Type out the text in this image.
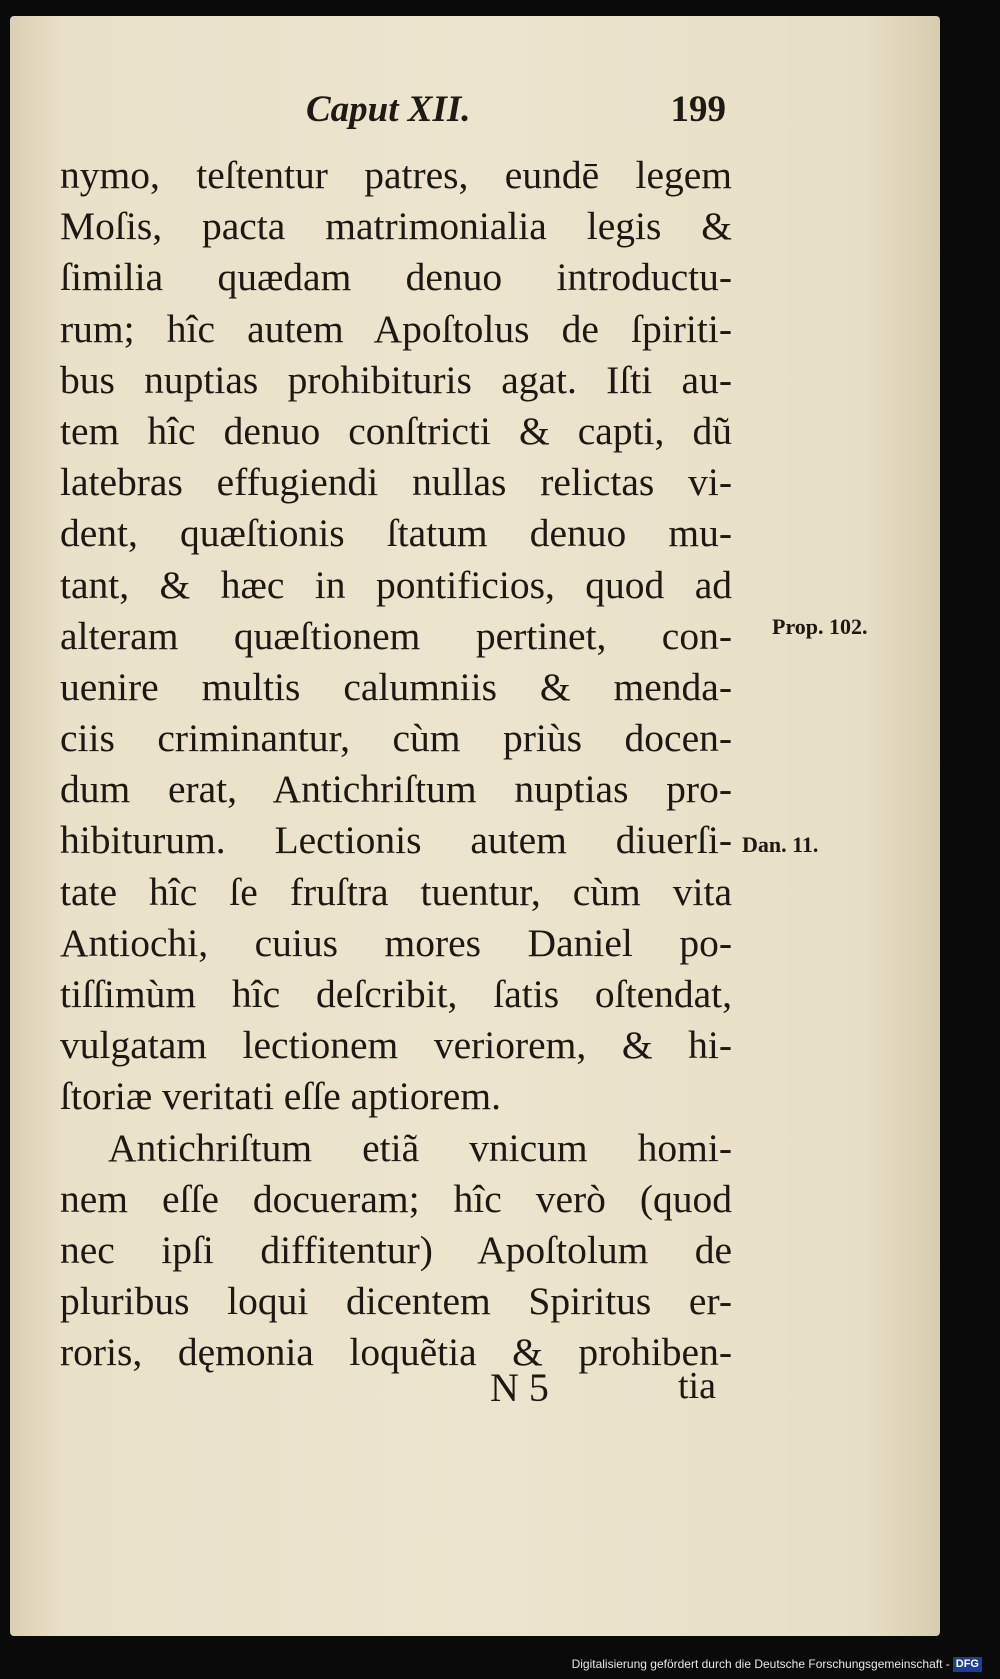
Caput XII.	199
nymo, teſtentur patres, eundē legem
Moſis, pacta matrimonialia legis &
ſimilia quædam denuo introductu-
rum; hîc autem Apoſtolus de ſpiriti-
bus nuptias prohibituris agat. Iſti au-
tem hîc denuo conſtricti & capti, dũ
latebras effugiendi nullas relictas vi-
dent, quæſtionis ſtatum denuo mu-
tant, & hæc in pontificios, quod ad
alteram quæſtionem pertinet, con-
uenire multis calumniis & menda-
ciis criminantur, cùm priùs docen-
dum erat, Antichriſtum nuptias pro-
hibiturum. Lectionis autem diuerſi-
tate hîc ſe fruſtra tuentur, cùm vita
Antiochi, cuius mores Daniel po-
tiſſimùm hîc deſcribit, ſatis oſtendat,
vulgatam lectionem veriorem, & hi-
ſtoriæ veritati eſſe aptiorem.
Antichriſtum etiã vnicum homi-
nem eſſe docueram; hîc verò (quod
nec ipſi diffitentur) Apoſtolum de
pluribus loqui dicentem Spiritus er-
roris, dęmonia loquẽtia & prohiben-
Prop. 102.
Dan. 11.
N 5	tia
Digitalisierung gefördert durch die Deutsche Forschungsgemeinschaft - DFG
